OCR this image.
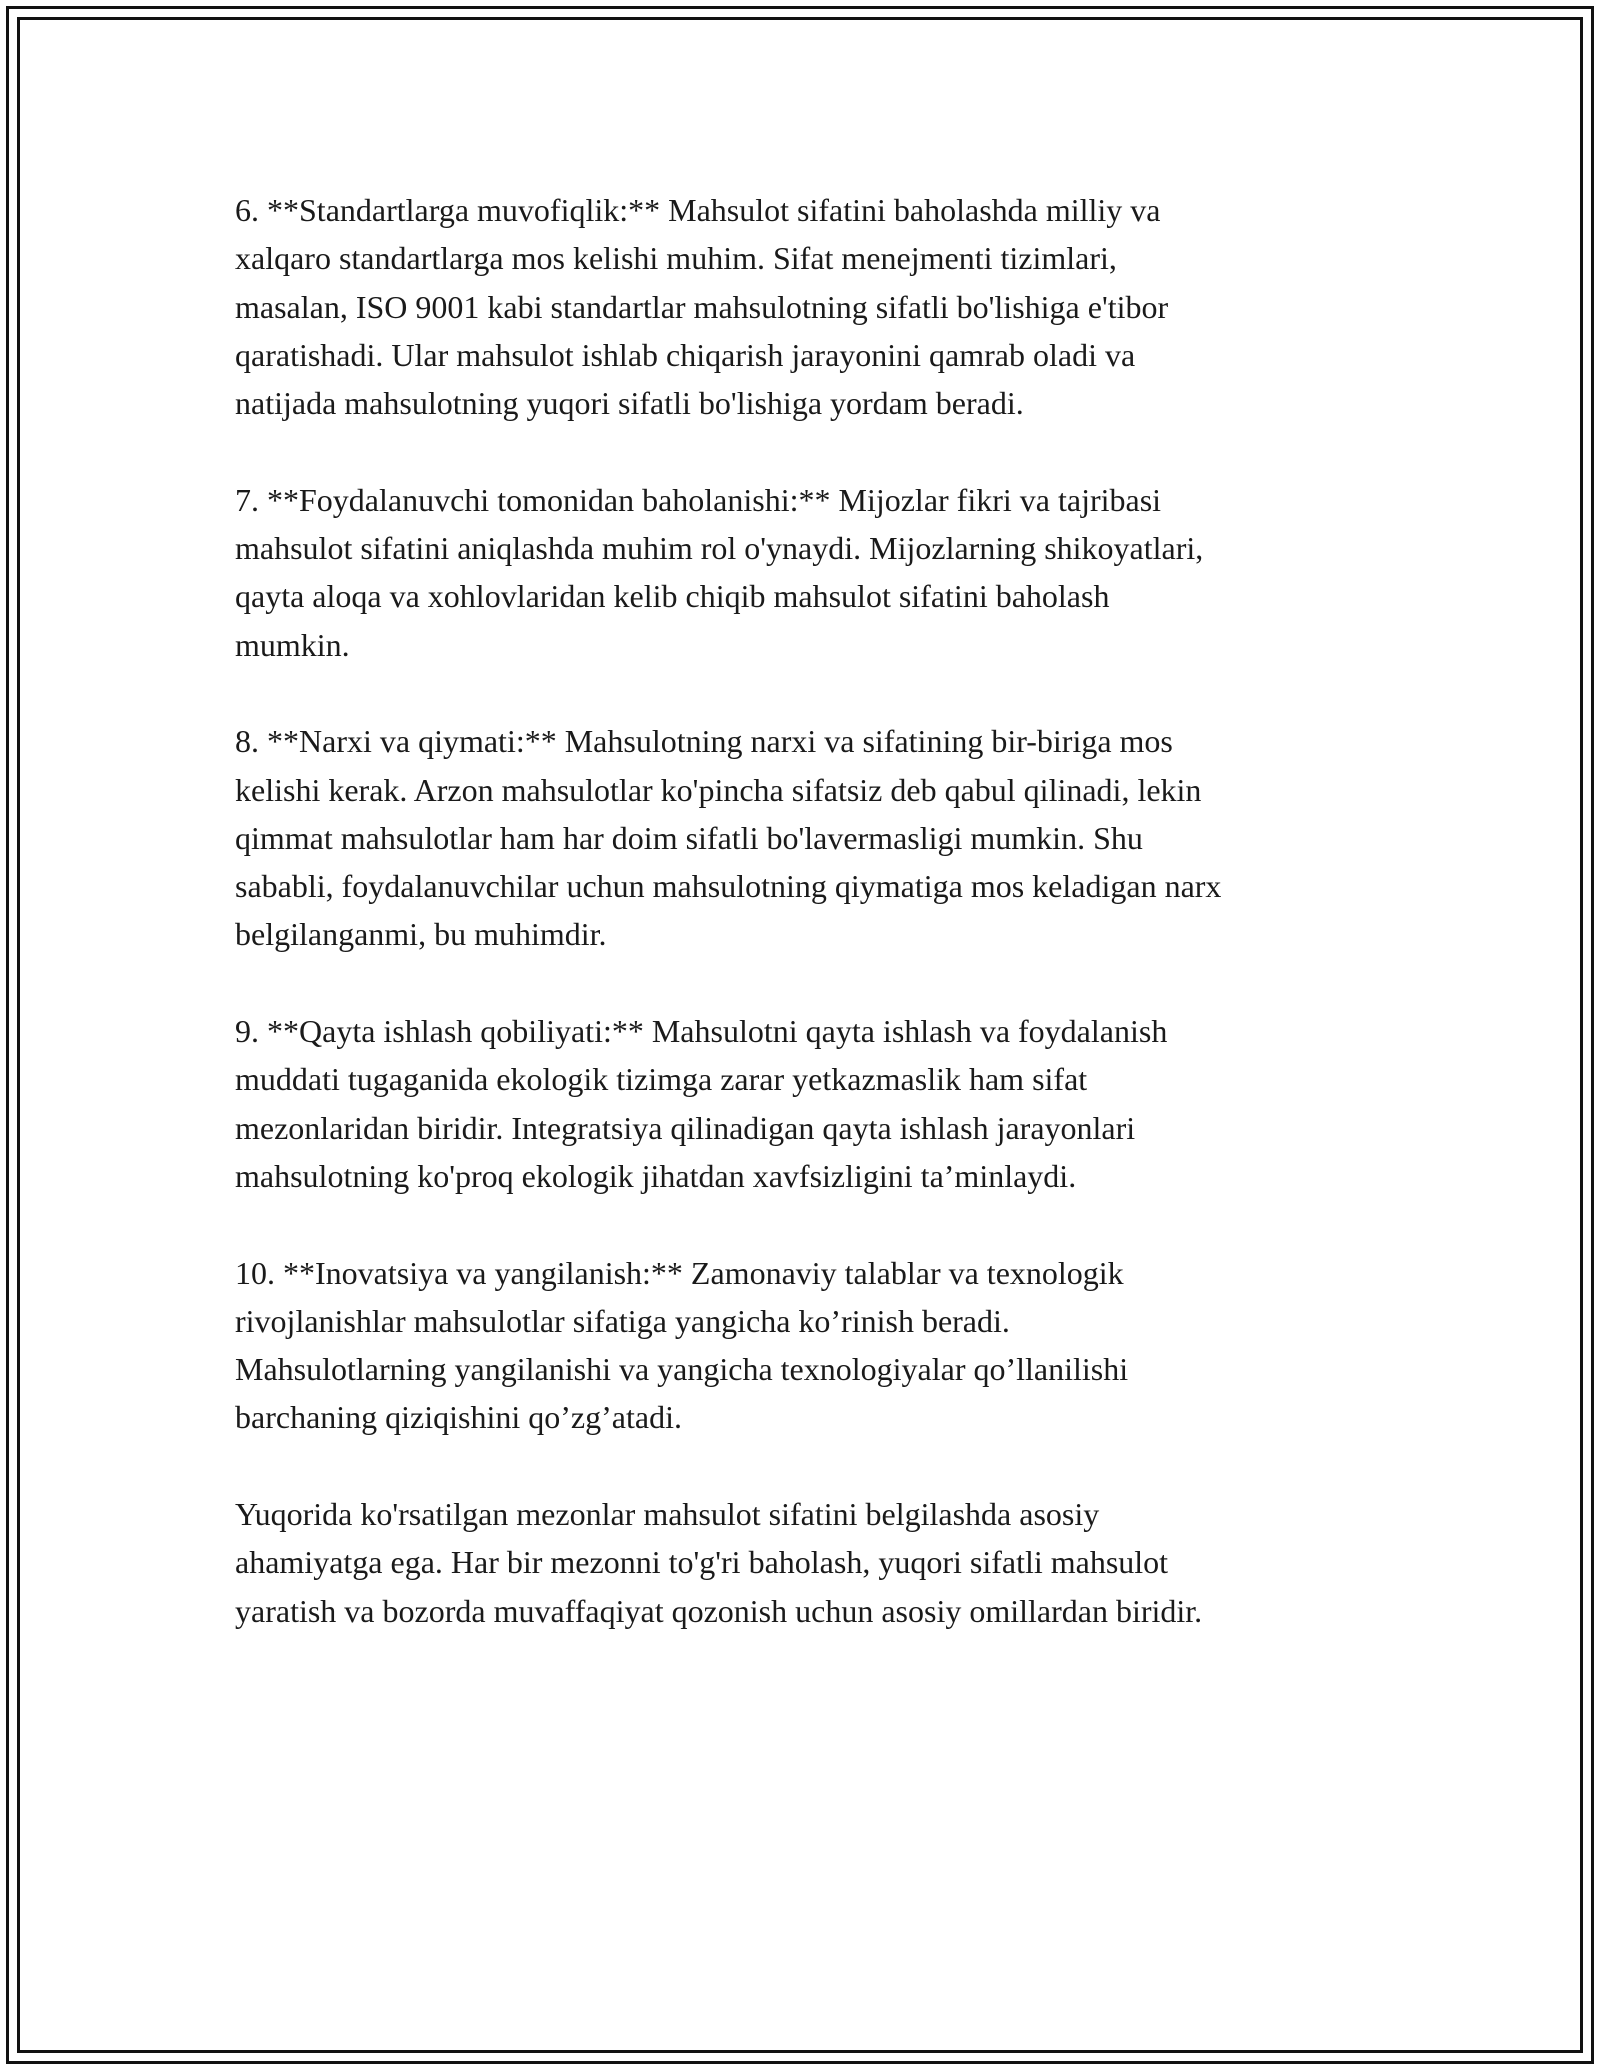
6. **Standartlarga muvofiqlik:** Mahsulot sifatini baholashda milliy va
xalqaro standartlarga mos kelishi muhim. Sifat menejmenti tizimlari,
masalan, ISO 9001 kabi standartlar mahsulotning sifatli bo'lishiga e'tibor
qaratishadi. Ular mahsulot ishlab chiqarish jarayonini qamrab oladi va
natijada mahsulotning yuqori sifatli bo'lishiga yordam beradi.

7. **Foydalanuvchi tomonidan baholanishi:** Mijozlar fikri va tajribasi
mahsulot sifatini aniqlashda muhim rol o'ynaydi. Mijozlarning shikoyatlari,
qayta aloqa va xohlovlaridan kelib chiqib mahsulot sifatini baholash
mumkin.

8. **Narxi va qiymati:** Mahsulotning narxi va sifatining bir-biriga mos
kelishi kerak. Arzon mahsulotlar ko'pincha sifatsiz deb qabul qilinadi, lekin
qimmat mahsulotlar ham har doim sifatli bo'lavermasligi mumkin. Shu
sababli, foydalanuvchilar uchun mahsulotning qiymatiga mos keladigan narx
belgilanganmi, bu muhimdir.

9. **Qayta ishlash qobiliyati:** Mahsulotni qayta ishlash va foydalanish
muddati tugaganida ekologik tizimga zarar yetkazmaslik ham sifat
mezonlaridan biridir. Integratsiya qilinadigan qayta ishlash jarayonlari
mahsulotning ko'proq ekologik jihatdan xavfsizligini ta’minlaydi.

10. **Inovatsiya va yangilanish:** Zamonaviy talablar va texnologik
rivojlanishlar mahsulotlar sifatiga yangicha ko’rinish beradi.
Mahsulotlarning yangilanishi va yangicha texnologiyalar qo’llanilishi
barchaning qiziqishini qo’zg’atadi.

Yuqorida ko'rsatilgan mezonlar mahsulot sifatini belgilashda asosiy
ahamiyatga ega. Har bir mezonni to'g'ri baholash, yuqori sifatli mahsulot
yaratish va bozorda muvaffaqiyat qozonish uchun asosiy omillardan biridir.
